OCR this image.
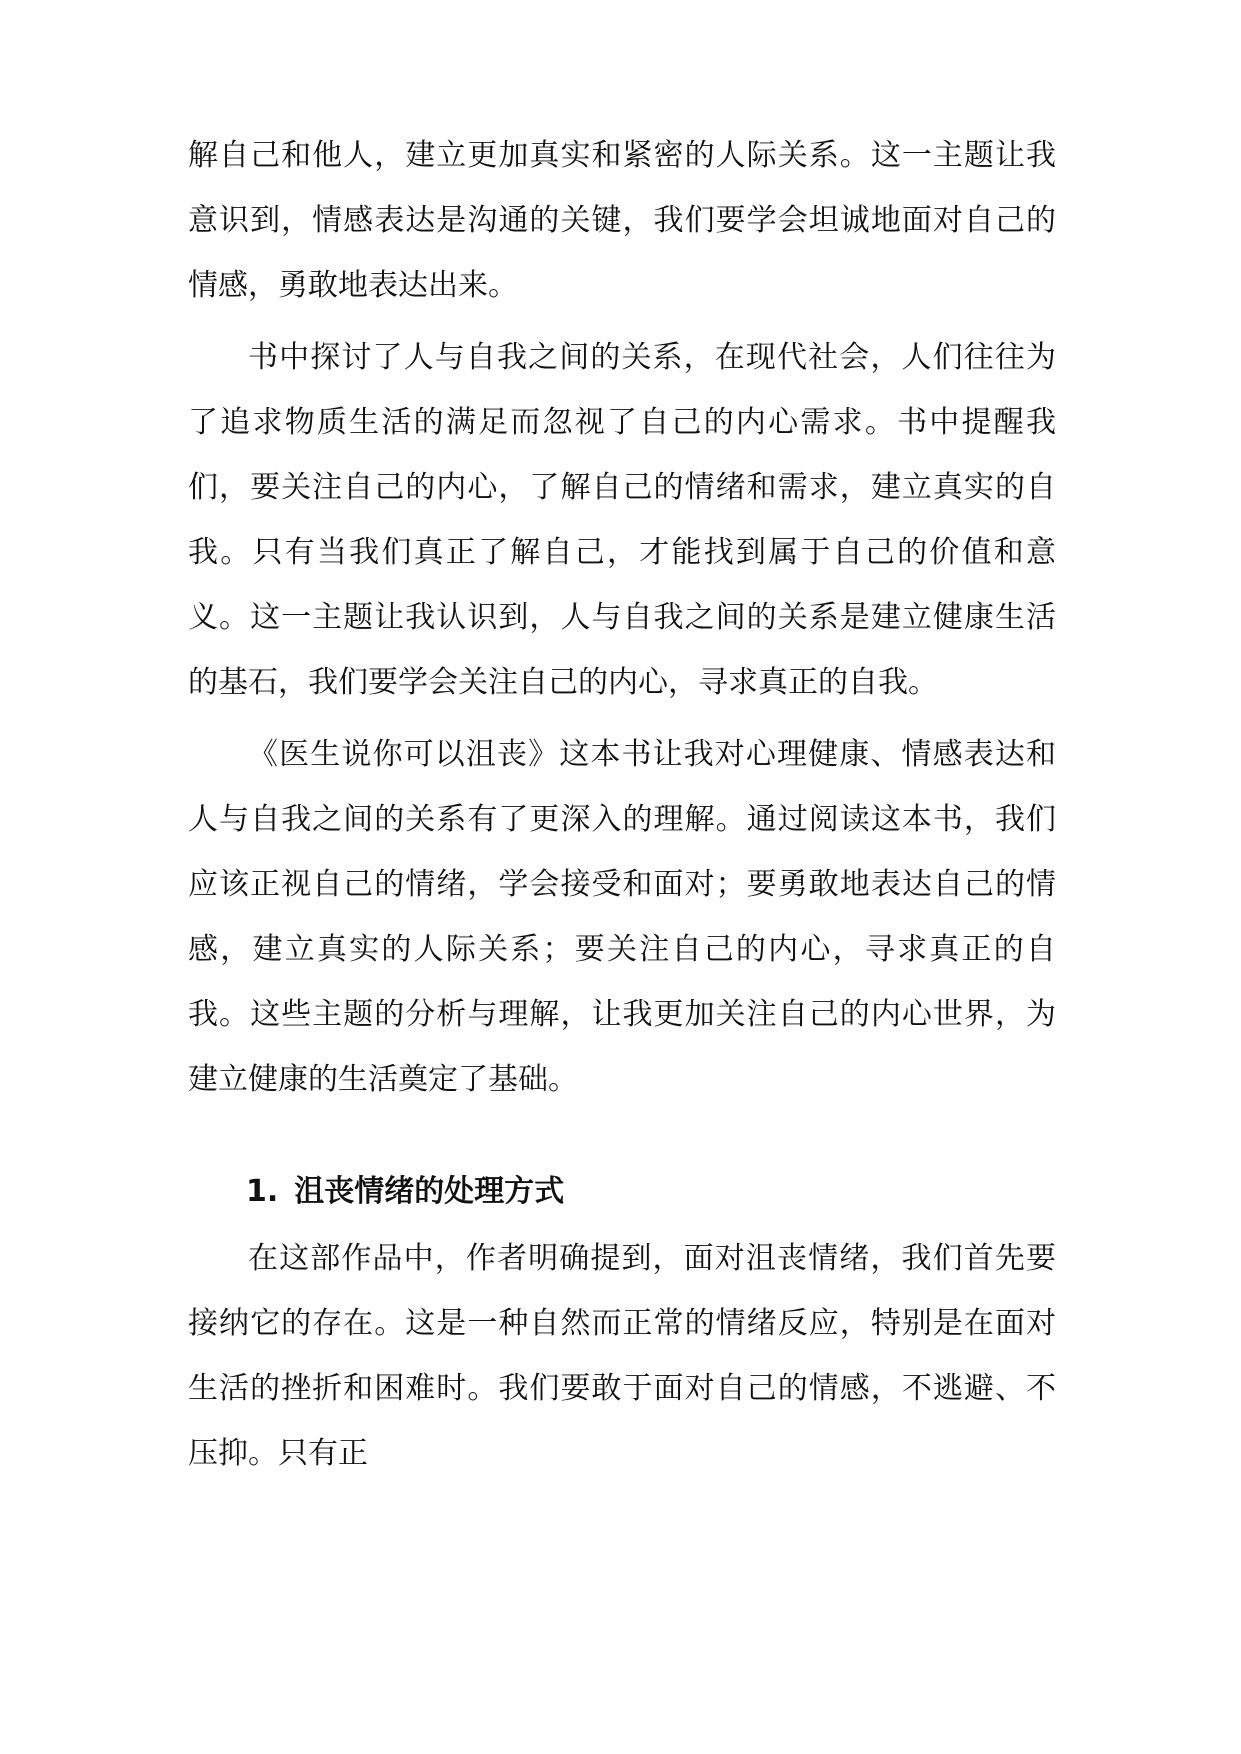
解自己和他人，建立更加真实和紧密的人际关系。这一主题让我意识到，情感表达是沟通的关键，我们要学会坦诚地面对自己的情感，勇敢地表达出来。

书中探讨了人与自我之间的关系，在现代社会，人们往往为了追求物质生活的满足而忽视了自己的内心需求。书中提醒我们，要关注自己的内心，了解自己的情绪和需求，建立真实的自我。只有当我们真正了解自己，才能找到属于自己的价值和意义。这一主题让我认识到，人与自我之间的关系是建立健康生活的基石，我们要学会关注自己的内心，寻求真正的自我。

《医生说你可以沮丧》这本书让我对心理健康、情感表达和人与自我之间的关系有了更深入的理解。通过阅读这本书，我们应该正视自己的情绪，学会接受和面对；要勇敢地表达自己的情感，建立真实的人际关系；要关注自己的内心，寻求真正的自我。这些主题的分析与理解，让我更加关注自己的内心世界，为建立健康的生活奠定了基础。

1. 沮丧情绪的处理方式

在这部作品中，作者明确提到，面对沮丧情绪，我们首先要接纳它的存在。这是一种自然而正常的情绪反应，特别是在面对生活的挫折和困难时。我们要敢于面对自己的情感，不逃避、不压抑。只有正
